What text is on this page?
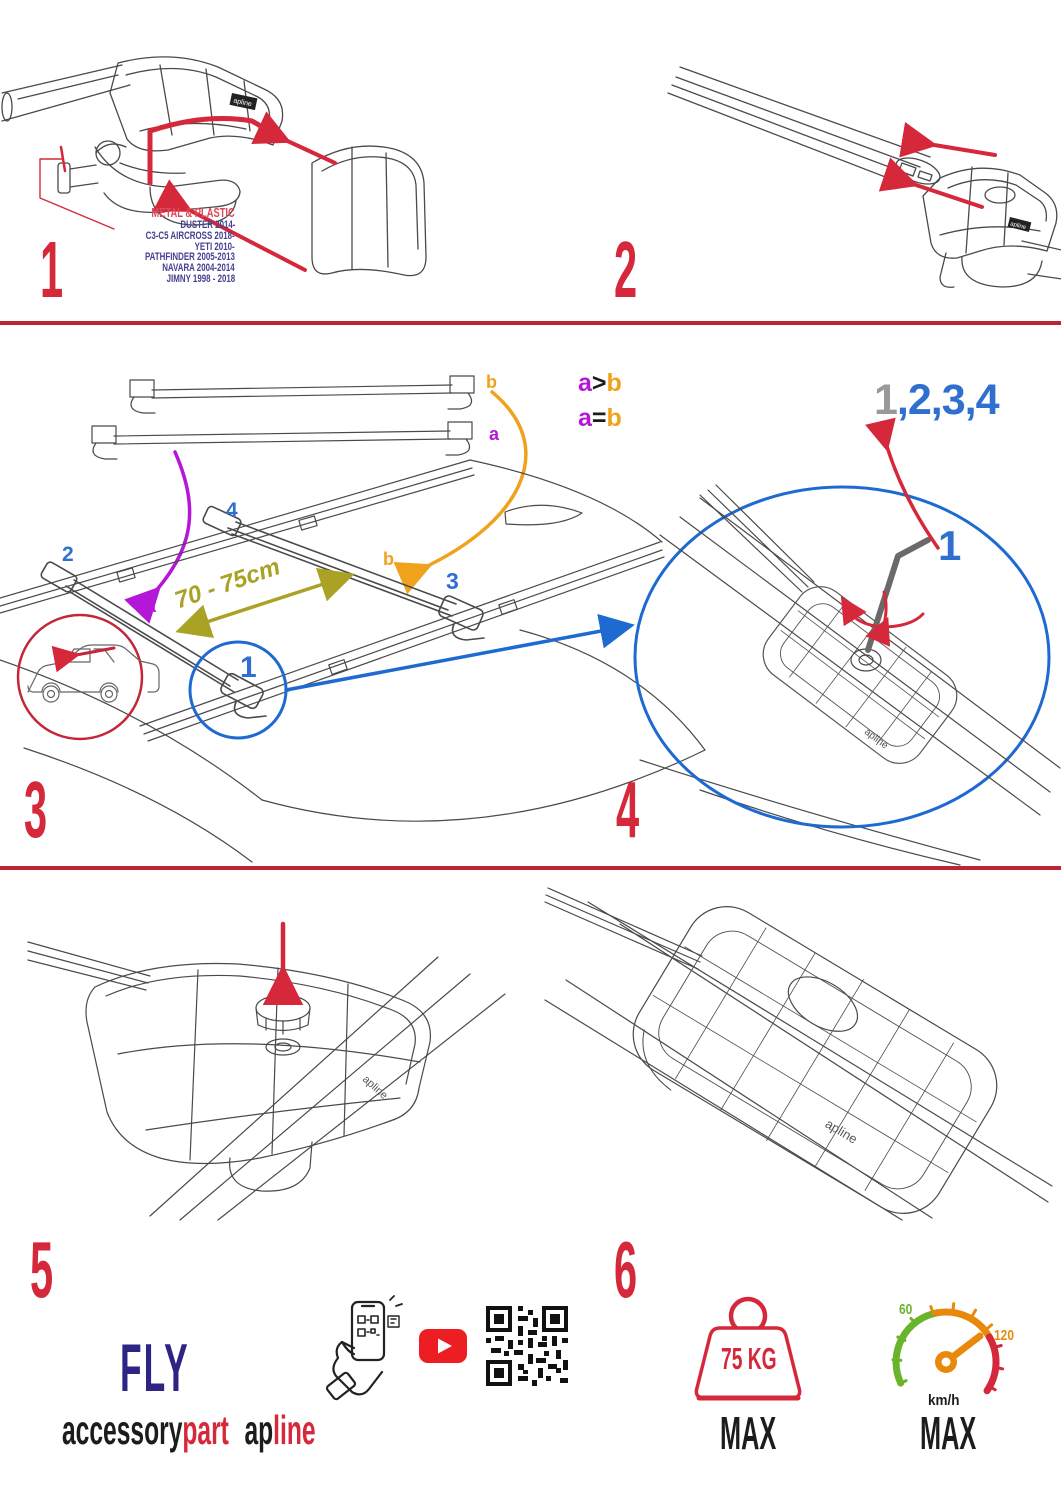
apline
METAL & PLASTIC
DUSTER 2014-
C3-C5 AIRCROSS 2018-
YETI 2010-
PATHFINDER 2005-2013
NAVARA 2004-2014
JIMNY 1998 - 2018
1	apline
2
apline
b
a
a>b
a=b	1,2,3,4
2
4
b
3
a
1
1
70 - 75cm
3	4
apline
apline
5	6
FLY
accessorypart apline
75 KG
MAX
60
120
km/h
MAX
